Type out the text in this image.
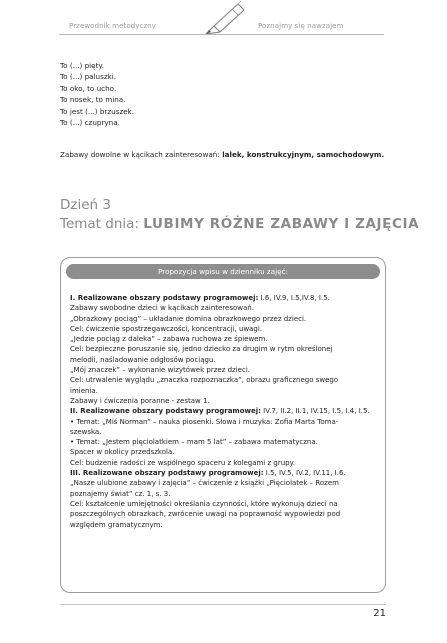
Przewodnik metodyczny	Poznajmy się nawzajem
To (...) pięty.
To (...) paluszki.
To oko, to ucho.
To nosek, to mina.
To jest (...) brzuszek.
To (...) czupryna.
Zabawy dowolne w kącikach zainteresowań: lalek, konstrukcyjnym, samochodowym.
Dzień 3
Temat dnia: LUBIMY RÓŻNE ZABAWY I ZAJĘCIA
Propozycja wpisu w dzienniku zajęć:
I. Realizowane obszary podstawy programowej: I.6, IV.9, I.5,IV.8, I.5.
Zabawy swobodne dzieci w kącikach zainteresowań.
„Obrazkowy pociąg” – układanie domina obrazkowego przez dzieci.
Cel: ćwiczenie spostrzegawczości, koncentracji, uwagi.
„Jedzie pociąg z daleka” – zabawa ruchowa ze śpiewem.
Cel: bezpieczne poruszanie się, jedno dziecko za drugim w rytm określonej
melodii, naśladowanie odgłosów pociągu.
„Mój znaczek” – wykonanie wizytówek przez dzieci.
Cel: utrwalenie wyglądu „znaczka rozpoznaczka”, obrazu graficznego swego
imienia.
Zabawy i ćwiczenia poranne - zestaw 1.
II. Realizowane obszary podstawy programowej: IV.7, II.2, II.1, IV.15, I.5, I.4, I.5.
• Temat: „Miś Norman” – nauka piosenki. Słowa i muzyka: Zofia Marta Toma-
szewska.
• Temat: „Jestem pięciolatkiem – mam 5 lat” – zabawa matematyczna.
Spacer w okolicy przedszkola.
Cel: budzenie radości ze wspólnego spaceru z kolegami z grupy.
III. Realizowane obszary podstawy programowej: I.5, IV.5, IV.2, IV.11, I.6.
„Nasze ulubione zabawy i zajęcia” – ćwiczenie z książki „Pięciolatek – Rozem
poznajemy świat” cz. 1, s. 3.
Cel: kształcenie umiejętności określania czynności, które wykonują dzieci na
poszczególnych obrazkach, zwrócenie uwagi na poprawność wypowiedzi pod
względem gramatycznym.
21
